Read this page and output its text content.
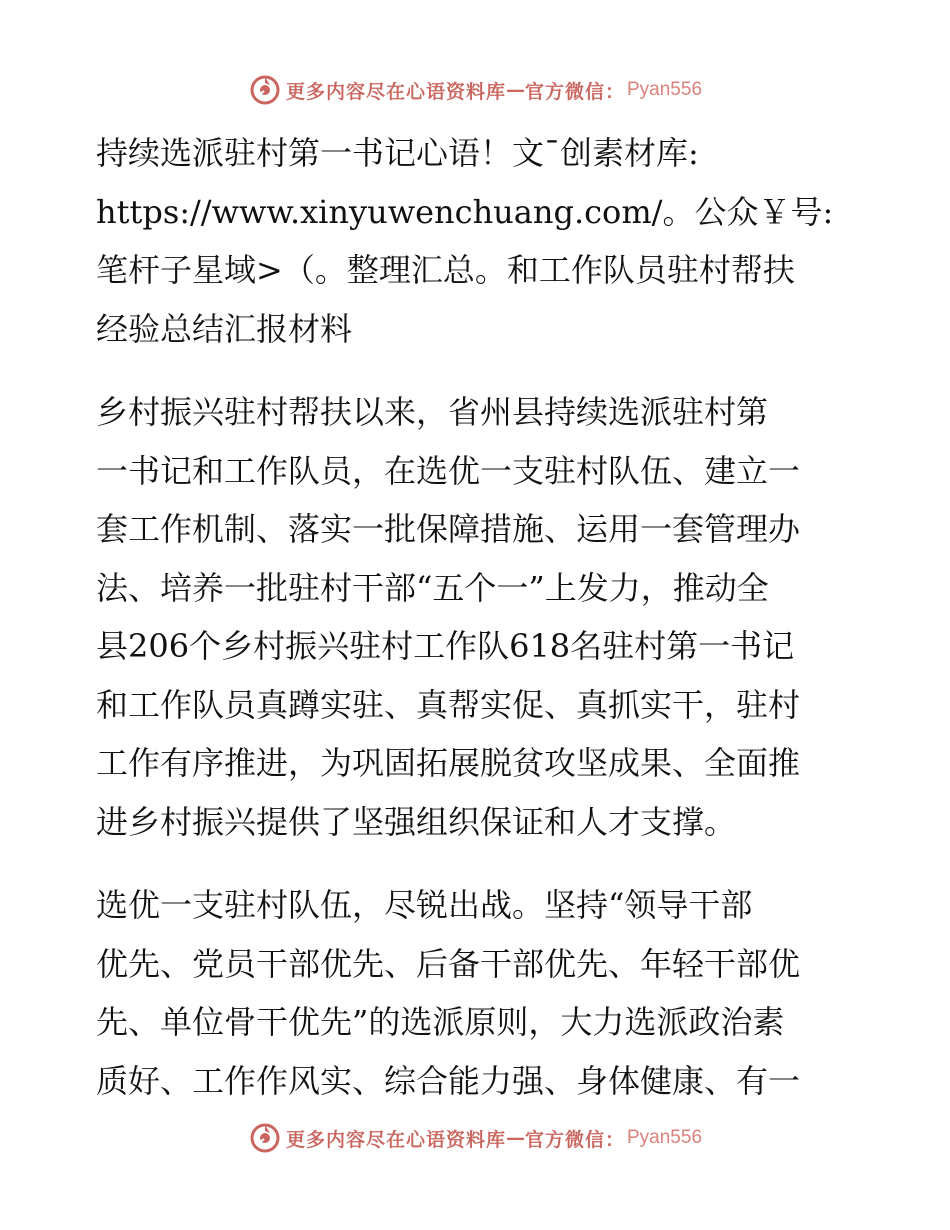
更多内容尽在心语资料库 — 官方微信： Pyan556

持续选派驻村第一书记心语！文¯创素材库:
https://www.xinyuwenchuang.com/。公众￥号:
笔杆子星域>（。整理汇总。和工作队员驻村帮扶
经验总结汇报材料

乡村振兴驻村帮扶以来，省州县持续选派驻村第
一书记和工作队员，在选优一支驻村队伍、建立一
套工作机制、落实一批保障措施、运用一套管理办
法、培养一批驻村干部“五个一”上发力，推动全
县206个乡村振兴驻村工作队618名驻村第一书记
和工作队员真蹲实驻、真帮实促、真抓实干，驻村
工作有序推进，为巩固拓展脱贫攻坚成果、全面推
进乡村振兴提供了坚强组织保证和人才支撑。

选优一支驻村队伍，尽锐出战。坚持“领导干部
优先、党员干部优先、后备干部优先、年轻干部优
先、单位骨干优先”的选派原则，大力选派政治素
质好、工作作风实、综合能力强、身体健康、有一

更多内容尽在心语资料库 — 官方微信： Pyan556
